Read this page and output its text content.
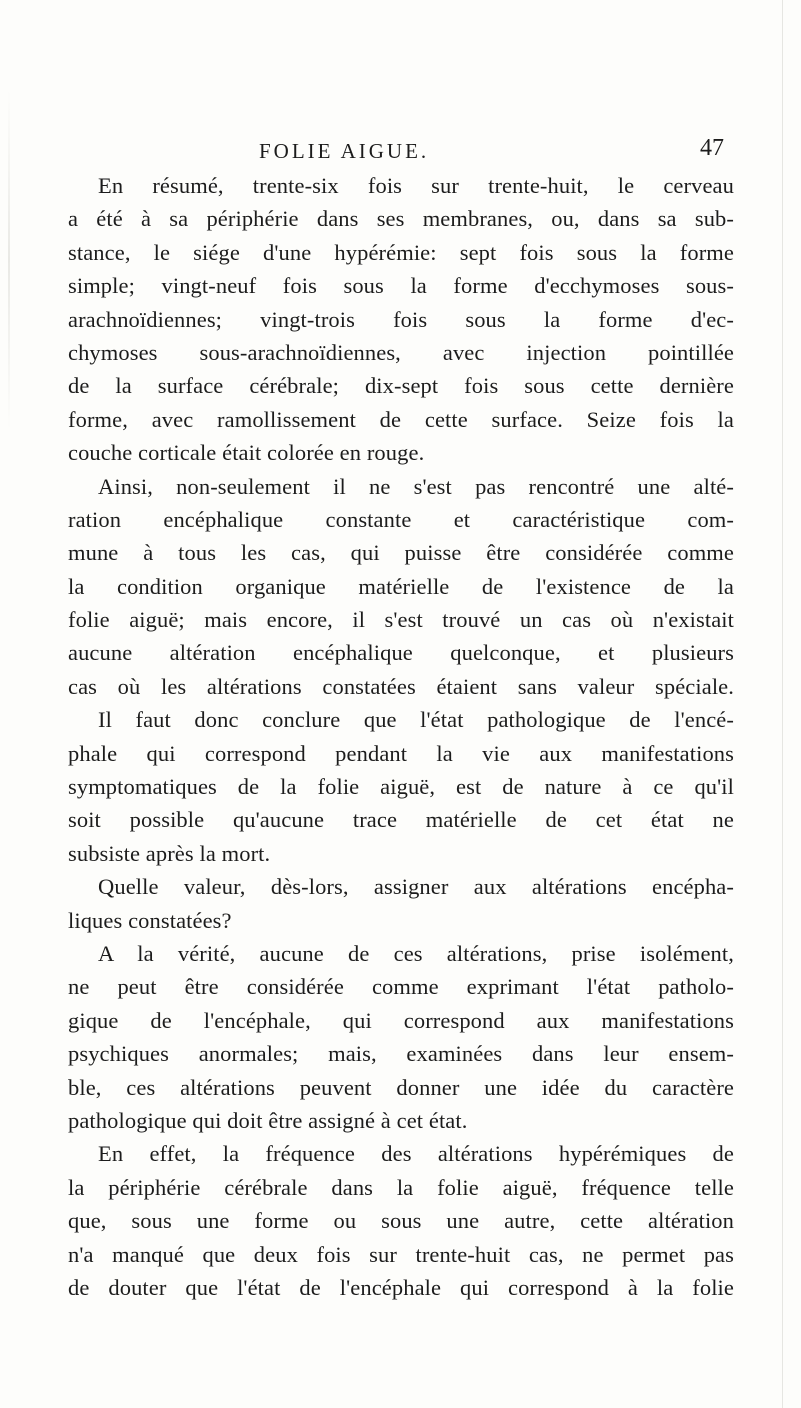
FOLIE AIGUE.	47
En résumé, trente-six fois sur trente-huit, le cerveau
a été à sa périphérie dans ses membranes, ou, dans sa sub-
stance, le siége d'une hypérémie: sept fois sous la forme
simple; vingt-neuf fois sous la forme d'ecchymoses sous-
arachnoïdiennes; vingt-trois fois sous la forme d'ec-
chymoses sous-arachnoïdiennes, avec injection pointillée
de la surface cérébrale; dix-sept fois sous cette dernière
forme, avec ramollissement de cette surface. Seize fois la
couche corticale était colorée en rouge.
Ainsi, non-seulement il ne s'est pas rencontré une alté-
ration encéphalique constante et caractéristique com-
mune à tous les cas, qui puisse être considérée comme
la condition organique matérielle de l'existence de la
folie aiguë; mais encore, il s'est trouvé un cas où n'existait
aucune altération encéphalique quelconque, et plusieurs
cas où les altérations constatées étaient sans valeur spéciale.
Il faut donc conclure que l'état pathologique de l'encé-
phale qui correspond pendant la vie aux manifestations
symptomatiques de la folie aiguë, est de nature à ce qu'il
soit possible qu'aucune trace matérielle de cet état ne
subsiste après la mort.
Quelle valeur, dès-lors, assigner aux altérations encépha-
liques constatées?
A la vérité, aucune de ces altérations, prise isolément,
ne peut être considérée comme exprimant l'état patholo-
gique de l'encéphale, qui correspond aux manifestations
psychiques anormales; mais, examinées dans leur ensem-
ble, ces altérations peuvent donner une idée du caractère
pathologique qui doit être assigné à cet état.
En effet, la fréquence des altérations hypérémiques de
la périphérie cérébrale dans la folie aiguë, fréquence telle
que, sous une forme ou sous une autre, cette altération
n'a manqué que deux fois sur trente-huit cas, ne permet pas
de douter que l'état de l'encéphale qui correspond à la folie
